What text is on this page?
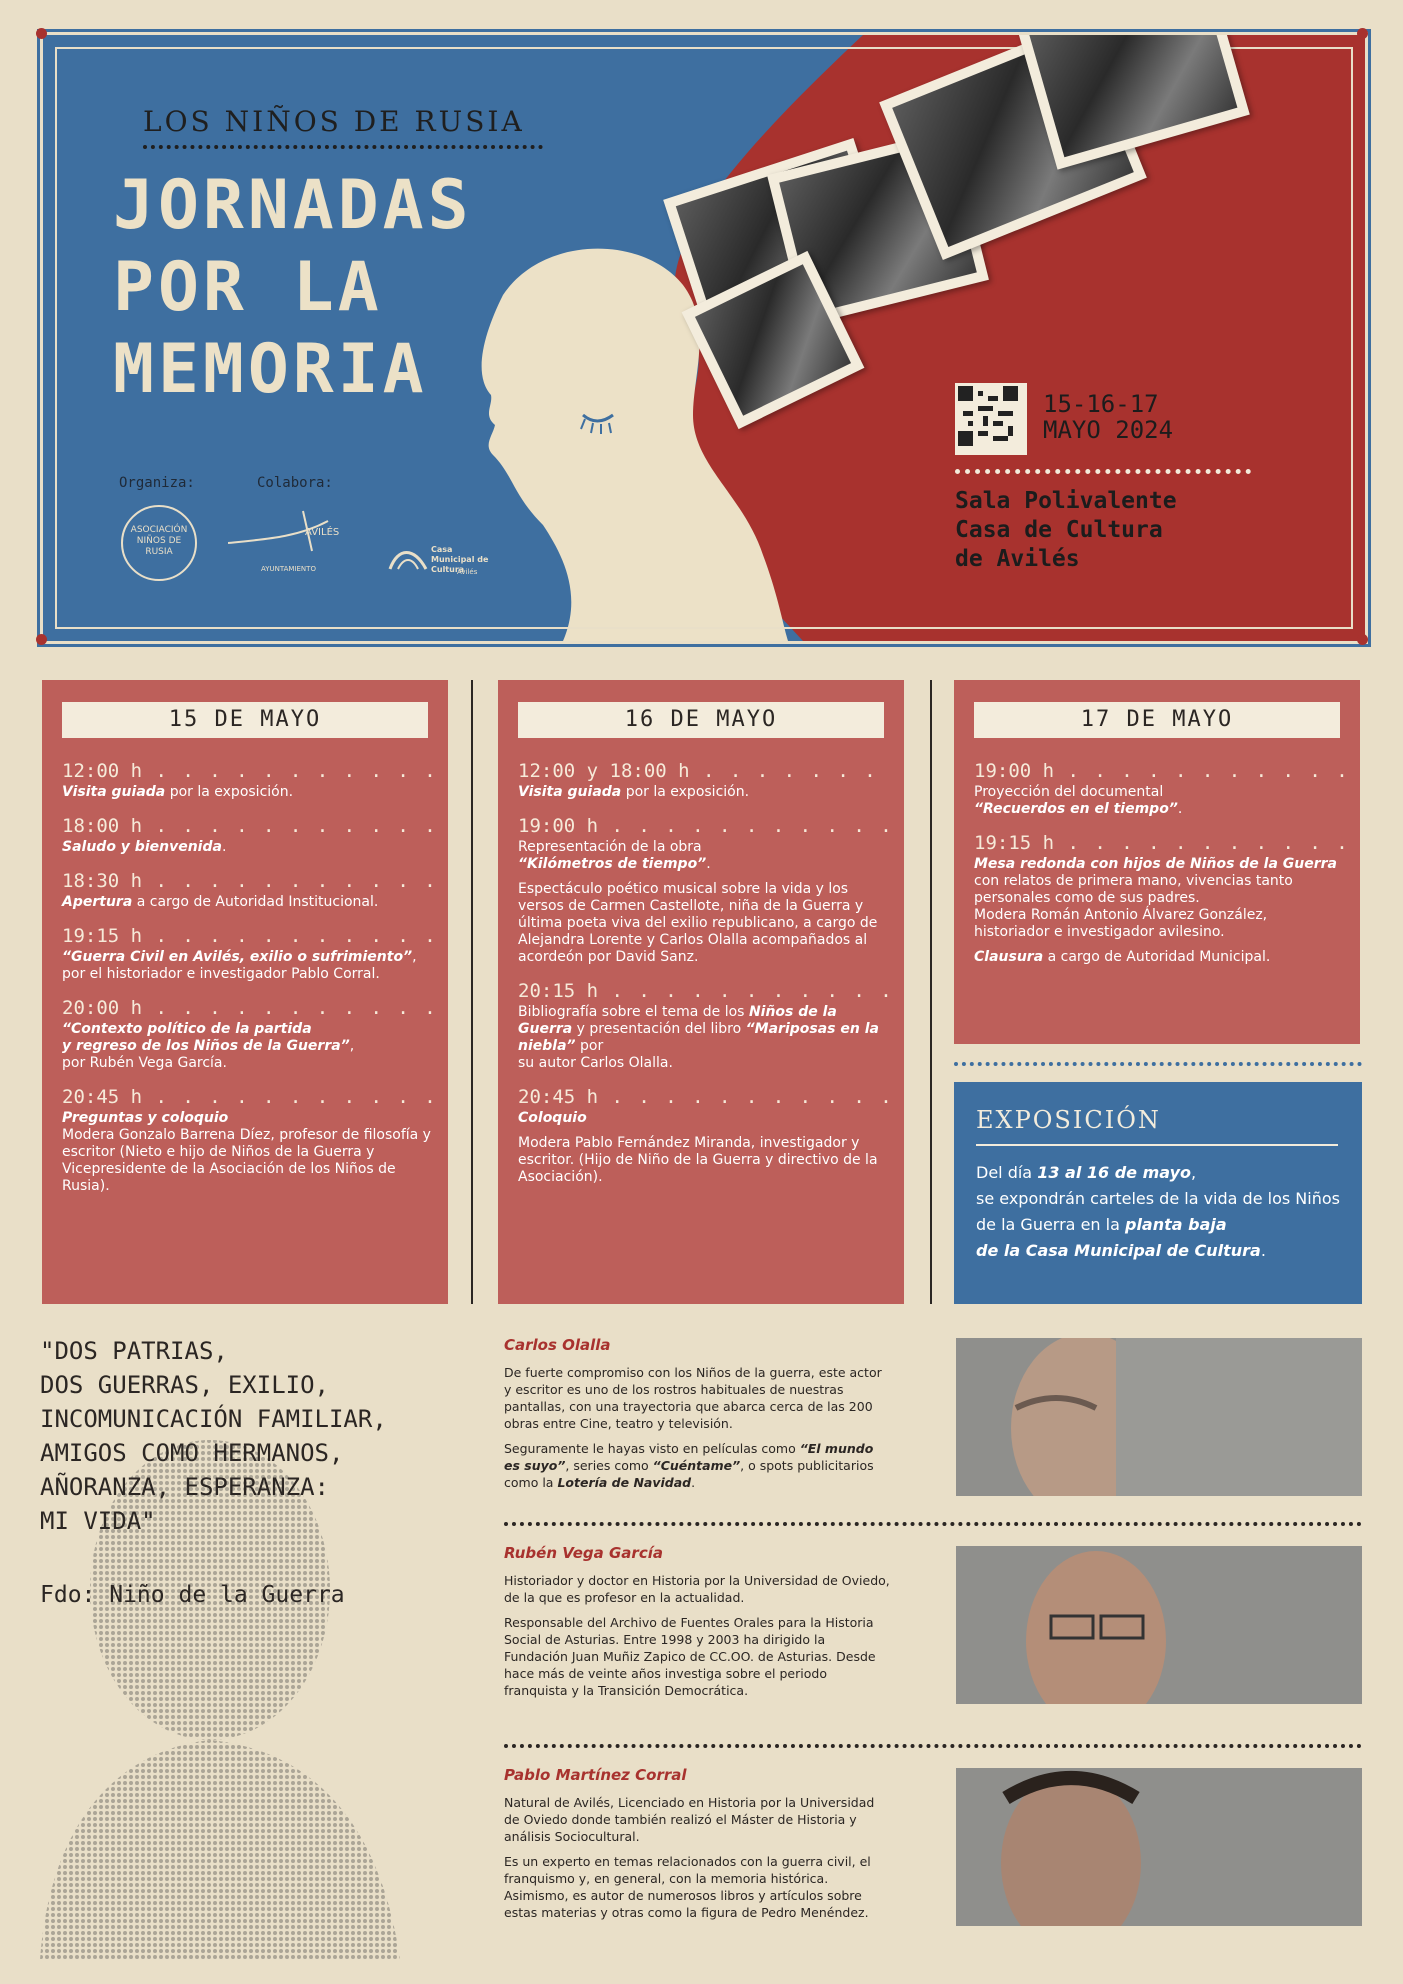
LOS NIÑOS DE RUSIA
JORNADAS
POR LA
MEMORIA
Organiza:	Colabora:
ASOCIACIÓN NIÑOS DE RUSIA
AVILÉS
AYUNTAMIENTO
Casa Municipal de Cultura
Avilés
15-16-17
MAYO 2024
Sala Polivalente
Casa de Cultura
de Avilés
15 DE MAYO
12:00 h . . .
Visita guiada por la exposición.
18:00 h . . .
Saludo y bienvenida.
18:30 h . . .
Apertura a cargo de Autoridad Institucional.
19:15 h . . .
“Guerra Civil en Avilés, exilio o sufrimiento”,
por el historiador e investigador Pablo Corral.
20:00 h . . .
“Contexto político de la partida
y regreso de los Niños de la Guerra”,
por Rubén Vega García.
20:45 h . . .
Preguntas y coloquio
Modera Gonzalo Barrena Díez, profesor de filosofía y escritor (Nieto e hijo de Niños de la Guerra y Vicepresidente de la Asociación de los Niños de Rusia).
16 DE MAYO
12:00 y 18:00 h . . .
Visita guiada por la exposición.
19:00 h . . .
Representación de la obra
“Kilómetros de tiempo”.

Espectáculo poético musical sobre la vida y los versos de Carmen Castellote, niña de la Guerra y última poeta viva del exilio republicano, a cargo de Alejandra Lorente y Carlos Olalla acompañados al acordeón por David Sanz.
20:15 h . . .
Bibliografía sobre el tema de los Niños de la Guerra y presentación del libro “Mariposas en la niebla” por
su autor Carlos Olalla.
20:45 h . . .
Coloquio

Modera Pablo Fernández Miranda, investigador y escritor. (Hijo de Niño de la Guerra y directivo de la Asociación).
17 DE MAYO
19:00 h . . .
Proyección del documental
“Recuerdos en el tiempo”.
19:15 h . . .
Mesa redonda con hijos de Niños de la Guerra con relatos de primera mano, vivencias tanto personales como de sus padres.
Modera Román Antonio Álvarez González, historiador e investigador avilesino.

Clausura a cargo de Autoridad Municipal.
EXPOSICIÓN
Del día 13 al 16 de mayo,
se expondrán carteles de la vida de los Niños de la Guerra en la planta baja
de la Casa Municipal de Cultura.
"DOS PATRIAS,
DOS GUERRAS, EXILIO,
INCOMUNICACIÓN FAMILIAR,
AMIGOS COMO HERMANOS,
AÑORANZA, ESPERANZA:
MI VIDA"
Fdo: Niño de la Guerra
Carlos Olalla

De fuerte compromiso con los Niños de la guerra, este actor y escritor es uno de los rostros habituales de nuestras pantallas, con una trayectoria que abarca cerca de las 200 obras entre Cine, teatro y televisión.

Seguramente le hayas visto en películas como “El mundo es suyo”, series como “Cuéntame”, o spots publicitarios como la Lotería de Navidad.

Rubén Vega García

Historiador y doctor en Historia por la Universidad de Oviedo, de la que es profesor en la actualidad.

Responsable del Archivo de Fuentes Orales para la Historia Social de Asturias. Entre 1998 y 2003 ha dirigido la Fundación Juan Muñiz Zapico de CC.OO. de Asturias. Desde hace más de veinte años investiga sobre el periodo franquista y la Transición Democrática.

Pablo Martínez Corral

Natural de Avilés, Licenciado en Historia por la Universidad de Oviedo donde también realizó el Máster de Historia y análisis Sociocultural.

Es un experto en temas relacionados con la guerra civil, el franquismo y, en general, con la memoria histórica. Asimismo, es autor de numerosos libros y artículos sobre estas materias y otras como la figura de Pedro Menéndez.
